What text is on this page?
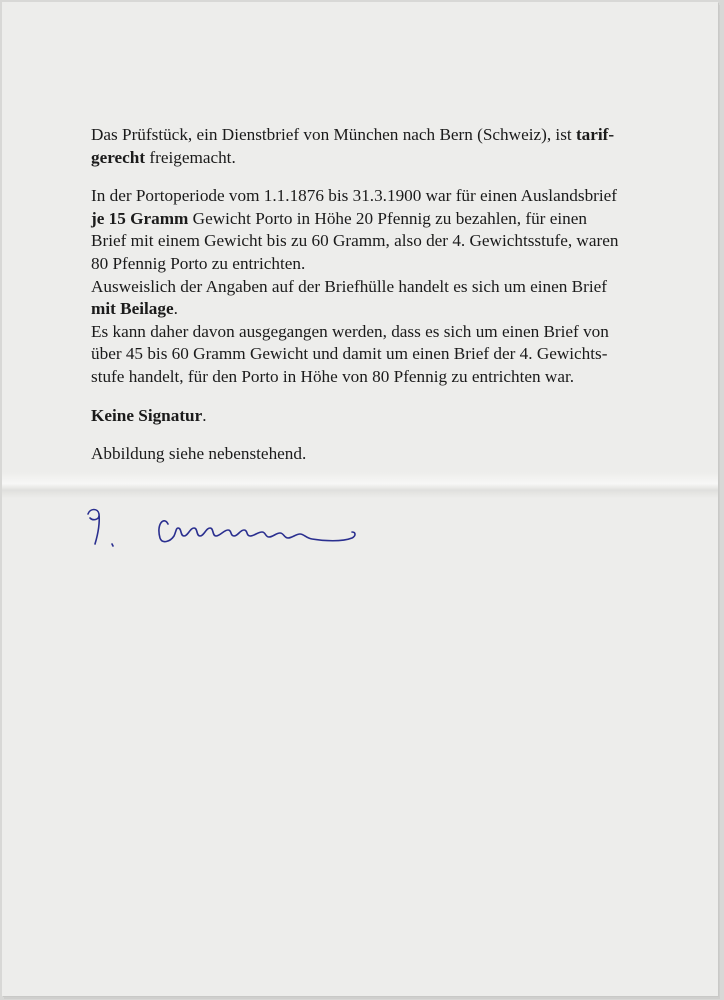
Das Prüfstück, ein Dienstbrief von München nach Bern (Schweiz), ist tarif-
gerecht freigemacht.

In der Portoperiode vom 1.1.1876 bis 31.3.1900 war für einen Auslandsbrief
je 15 Gramm Gewicht Porto in Höhe 20 Pfennig zu bezahlen, für einen
Brief mit einem Gewicht bis zu 60 Gramm, also der 4. Gewichtsstufe, waren
80 Pfennig Porto zu entrichten.
Ausweislich der Angaben auf der Briefhülle handelt es sich um einen Brief
mit Beilage.
Es kann daher davon ausgegangen werden, dass es sich um einen Brief von
über 45 bis 60 Gramm Gewicht und damit um einen Brief der 4. Gewichts-
stufe handelt, für den Porto in Höhe von 80 Pfennig zu entrichten war.

Keine Signatur.

Abbildung siehe nebenstehend.
